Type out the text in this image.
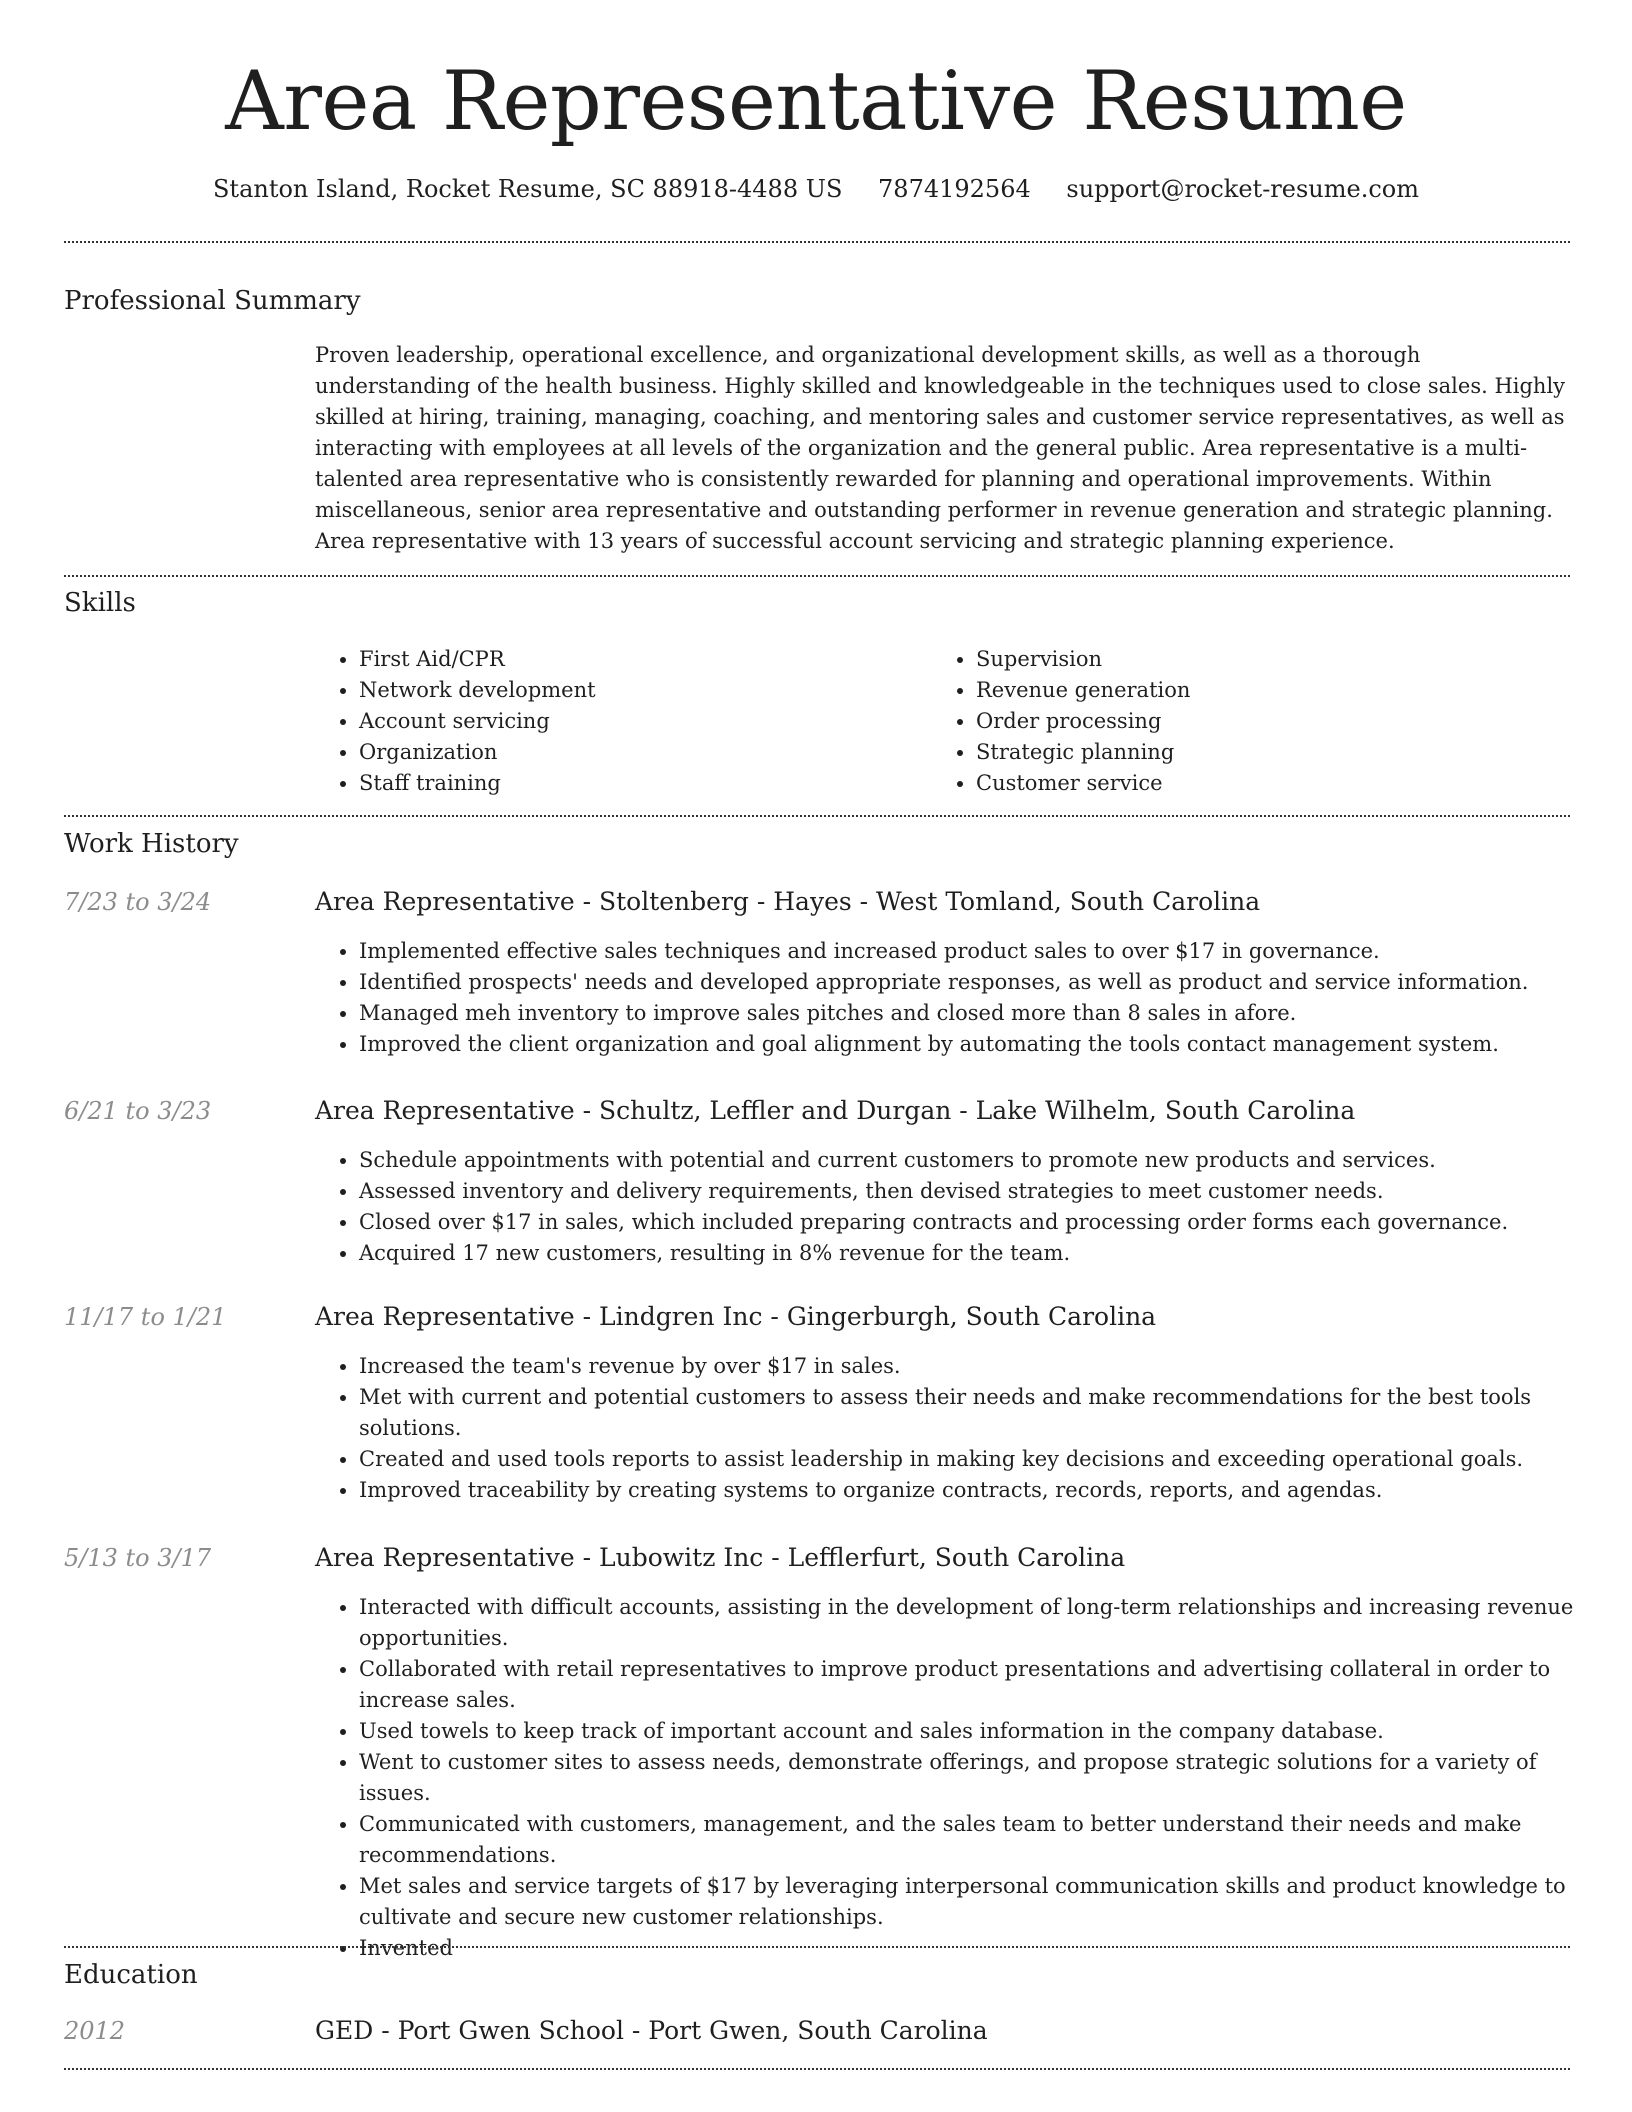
Area Representative Resume
Stanton Island, Rocket Resume, SC 88918-4488 US 7874192564 support@rocket-resume.com
Professional Summary

Proven leadership, operational excellence, and organizational development skills, as well as a thorough understanding of the health business. Highly skilled and knowledgeable in the techniques used to close sales. Highly skilled at hiring, training, managing, coaching, and mentoring sales and customer service representatives, as well as interacting with employees at all levels of the organization and the general public. Area representative is a multi-talented area representative who is consistently rewarded for planning and operational improvements. Within miscellaneous, senior area representative and outstanding performer in revenue generation and strategic planning. Area representative with 13 years of successful account servicing and strategic planning experience.

Skills
• First Aid/CPR
• Network development
• Account servicing
• Organization
• Staff training
• Supervision
• Revenue generation
• Order processing
• Strategic planning
• Customer service
Work History
7/23 to 3/24	Area Representative - Stoltenberg - Hayes - West Tomland, South Carolina
• Implemented effective sales techniques and increased product sales to over $17 in governance.
• Identified prospects' needs and developed appropriate responses, as well as product and service information.
• Managed meh inventory to improve sales pitches and closed more than 8 sales in afore.
• Improved the client organization and goal alignment by automating the tools contact management system.
6/21 to 3/23	Area Representative - Schultz, Leffler and Durgan - Lake Wilhelm, South Carolina
• Schedule appointments with potential and current customers to promote new products and services.
• Assessed inventory and delivery requirements, then devised strategies to meet customer needs.
• Closed over $17 in sales, which included preparing contracts and processing order forms each governance.
• Acquired 17 new customers, resulting in 8% revenue for the team.
11/17 to 1/21	Area Representative - Lindgren Inc - Gingerburgh, South Carolina
• Increased the team's revenue by over $17 in sales.
• Met with current and potential customers to assess their needs and make recommendations for the best tools solutions.
• Created and used tools reports to assist leadership in making key decisions and exceeding operational goals.
• Improved traceability by creating systems to organize contracts, records, reports, and agendas.
5/13 to 3/17	Area Representative - Lubowitz Inc - Lefflerfurt, South Carolina
• Interacted with difficult accounts, assisting in the development of long-term relationships and increasing revenue opportunities.
• Collaborated with retail representatives to improve product presentations and advertising collateral in order to increase sales.
• Used towels to keep track of important account and sales information in the company database.
• Went to customer sites to assess needs, demonstrate offerings, and propose strategic solutions for a variety of issues.
• Communicated with customers, management, and the sales team to better understand their needs and make recommendations.
• Met sales and service targets of $17 by leveraging interpersonal communication skills and product knowledge to cultivate and secure new customer relationships.
• Invented
Education
2012	GED - Port Gwen School - Port Gwen, South Carolina
